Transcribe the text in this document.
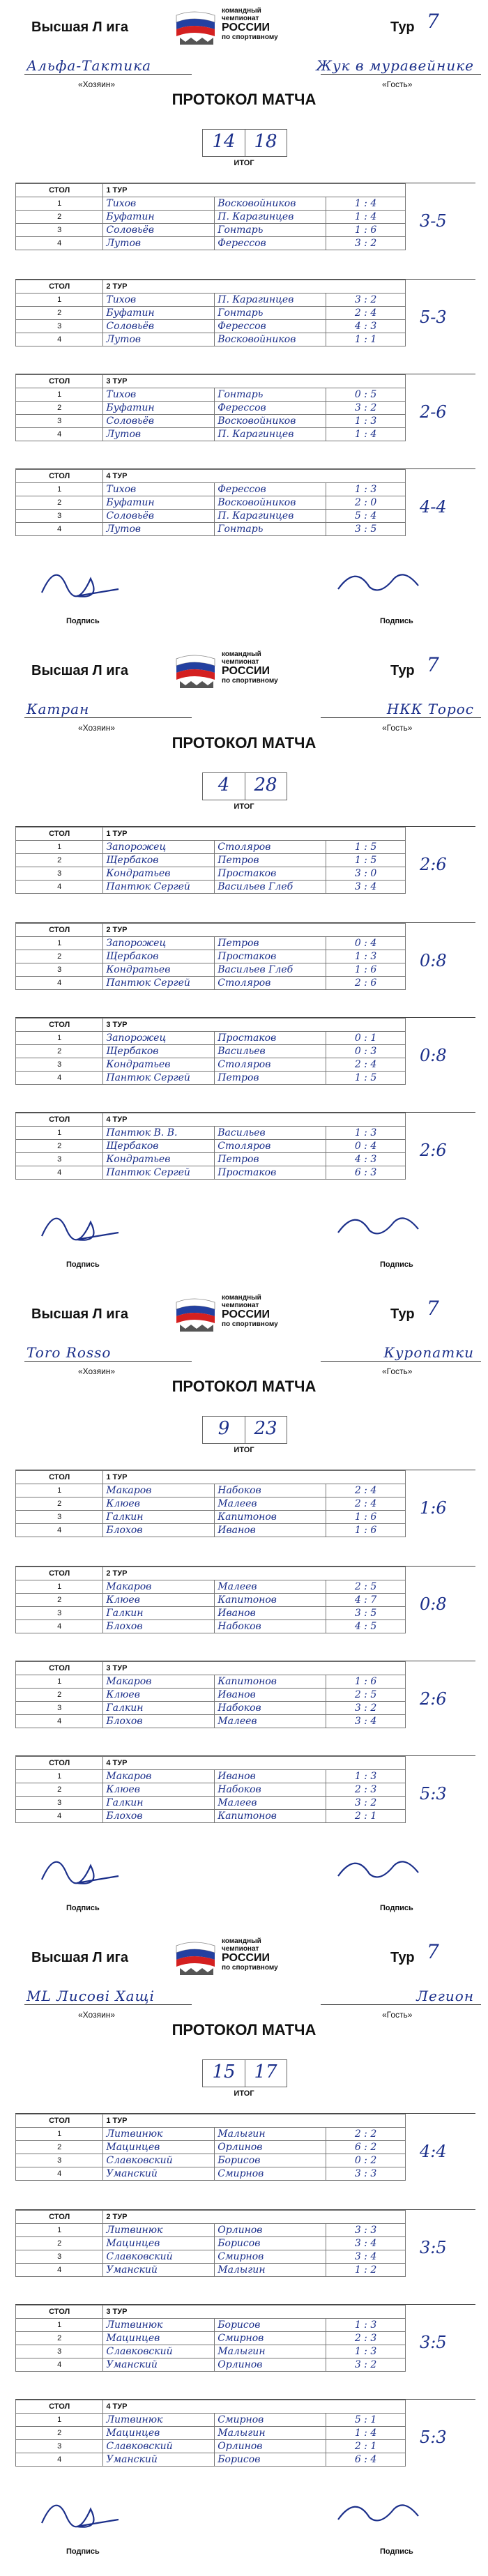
Высшая Л ига
командный
чемпионат
РОССИИ
по спортивному
Тур 7
Альфа-Тактика
«Хозяин»
Жук в муравейнике
«Гость»
ПРОТОКОЛ МАТЧА
14	18
ИТОГ
СТОЛ	1 ТУР		
1	Тихов	Восковойников	1 : 4
2	Буфатин	П. Карагинцев	1 : 4
3	Соловьёв	Гонтарь	1 : 6
4	Лутов	Ферессов	3 : 2
3-5
СТОЛ	2 ТУР		
1	Тихов	П. Карагинцев	3 : 2
2	Буфатин	Гонтарь	2 : 4
3	Соловьёв	Ферессов	4 : 3
4	Лутов	Восковойников	1 : 1
5-3
СТОЛ	3 ТУР		
1	Тихов	Гонтарь	0 : 5
2	Буфатин	Ферессов	3 : 2
3	Соловьёв	Восковойников	1 : 3
4	Лутов	П. Карагинцев	1 : 4
2-6
СТОЛ	4 ТУР		
1	Тихов	Ферессов	1 : 3
2	Буфатин	Восковойников	2 : 0
3	Соловьёв	П. Карагинцев	5 : 4
4	Лутов	Гонтарь	3 : 5
4-4
Подпись	Подпись
Высшая Л ига
командный
чемпионат
РОССИИ
по спортивному
Тур 7
Катран
«Хозяин»
НКК Торос
«Гость»
ПРОТОКОЛ МАТЧА
4	28
ИТОГ
СТОЛ	1 ТУР		
1	Запорожец	Столяров	1 : 5
2	Щербаков	Петров	1 : 5
3	Кондратьев	Простаков	3 : 0
4	Пантюк Сергей	Васильев Глеб	3 : 4
2:6
СТОЛ	2 ТУР		
1	Запорожец	Петров	0 : 4
2	Щербаков	Простаков	1 : 3
3	Кондратьев	Васильев Глеб	1 : 6
4	Пантюк Сергей	Столяров	2 : 6
0:8
СТОЛ	3 ТУР		
1	Запорожец	Простаков	0 : 1
2	Щербаков	Васильев	0 : 3
3	Кондратьев	Столяров	2 : 4
4	Пантюк Сергей	Петров	1 : 5
0:8
СТОЛ	4 ТУР		
1	Пантюк В. В.	Васильев	1 : 3
2	Щербаков	Столяров	0 : 4
3	Кондратьев	Петров	4 : 3
4	Пантюк Сергей	Простаков	6 : 3
2:6
Подпись	Подпись
Высшая Л ига
командный
чемпионат
РОССИИ
по спортивному
Тур 7
Toro Rosso
«Хозяин»
Куропатки
«Гость»
ПРОТОКОЛ МАТЧА
9	23
ИТОГ
СТОЛ	1 ТУР		
1	Макаров	Набоков	2 : 4
2	Клюев	Малеев	2 : 4
3	Галкин	Капитонов	1 : 6
4	Блохов	Иванов	1 : 6
1:6
СТОЛ	2 ТУР		
1	Макаров	Малеев	2 : 5
2	Клюев	Капитонов	4 : 7
3	Галкин	Иванов	3 : 5
4	Блохов	Набоков	4 : 5
0:8
СТОЛ	3 ТУР		
1	Макаров	Капитонов	1 : 6
2	Клюев	Иванов	2 : 5
3	Галкин	Набоков	3 : 2
4	Блохов	Малеев	3 : 4
2:6
СТОЛ	4 ТУР		
1	Макаров	Иванов	1 : 3
2	Клюев	Набоков	2 : 3
3	Галкин	Малеев	3 : 2
4	Блохов	Капитонов	2 : 1
5:3
Подпись	Подпись
Высшая Л ига
командный
чемпионат
РОССИИ
по спортивному
Тур 7
ML Лисові Хащі
«Хозяин»
Легион
«Гость»
ПРОТОКОЛ МАТЧА
15	17
ИТОГ
СТОЛ	1 ТУР		
1	Литвинюк	Малыгин	2 : 2
2	Мацинцев	Орлинов	6 : 2
3	Славковский	Борисов	0 : 2
4	Уманский	Смирнов	3 : 3
4:4
СТОЛ	2 ТУР		
1	Литвинюк	Орлинов	3 : 3
2	Мацинцев	Борисов	3 : 4
3	Славковский	Смирнов	3 : 4
4	Уманский	Малыгин	1 : 2
3:5
СТОЛ	3 ТУР		
1	Литвинюк	Борисов	1 : 3
2	Мацинцев	Смирнов	2 : 3
3	Славковский	Малыгин	1 : 3
4	Уманский	Орлинов	3 : 2
3:5
СТОЛ	4 ТУР		
1	Литвинюк	Смирнов	5 : 1
2	Мацинцев	Малыгин	1 : 4
3	Славковский	Орлинов	2 : 1
4	Уманский	Борисов	6 : 4
5:3
Подпись	Подпись
